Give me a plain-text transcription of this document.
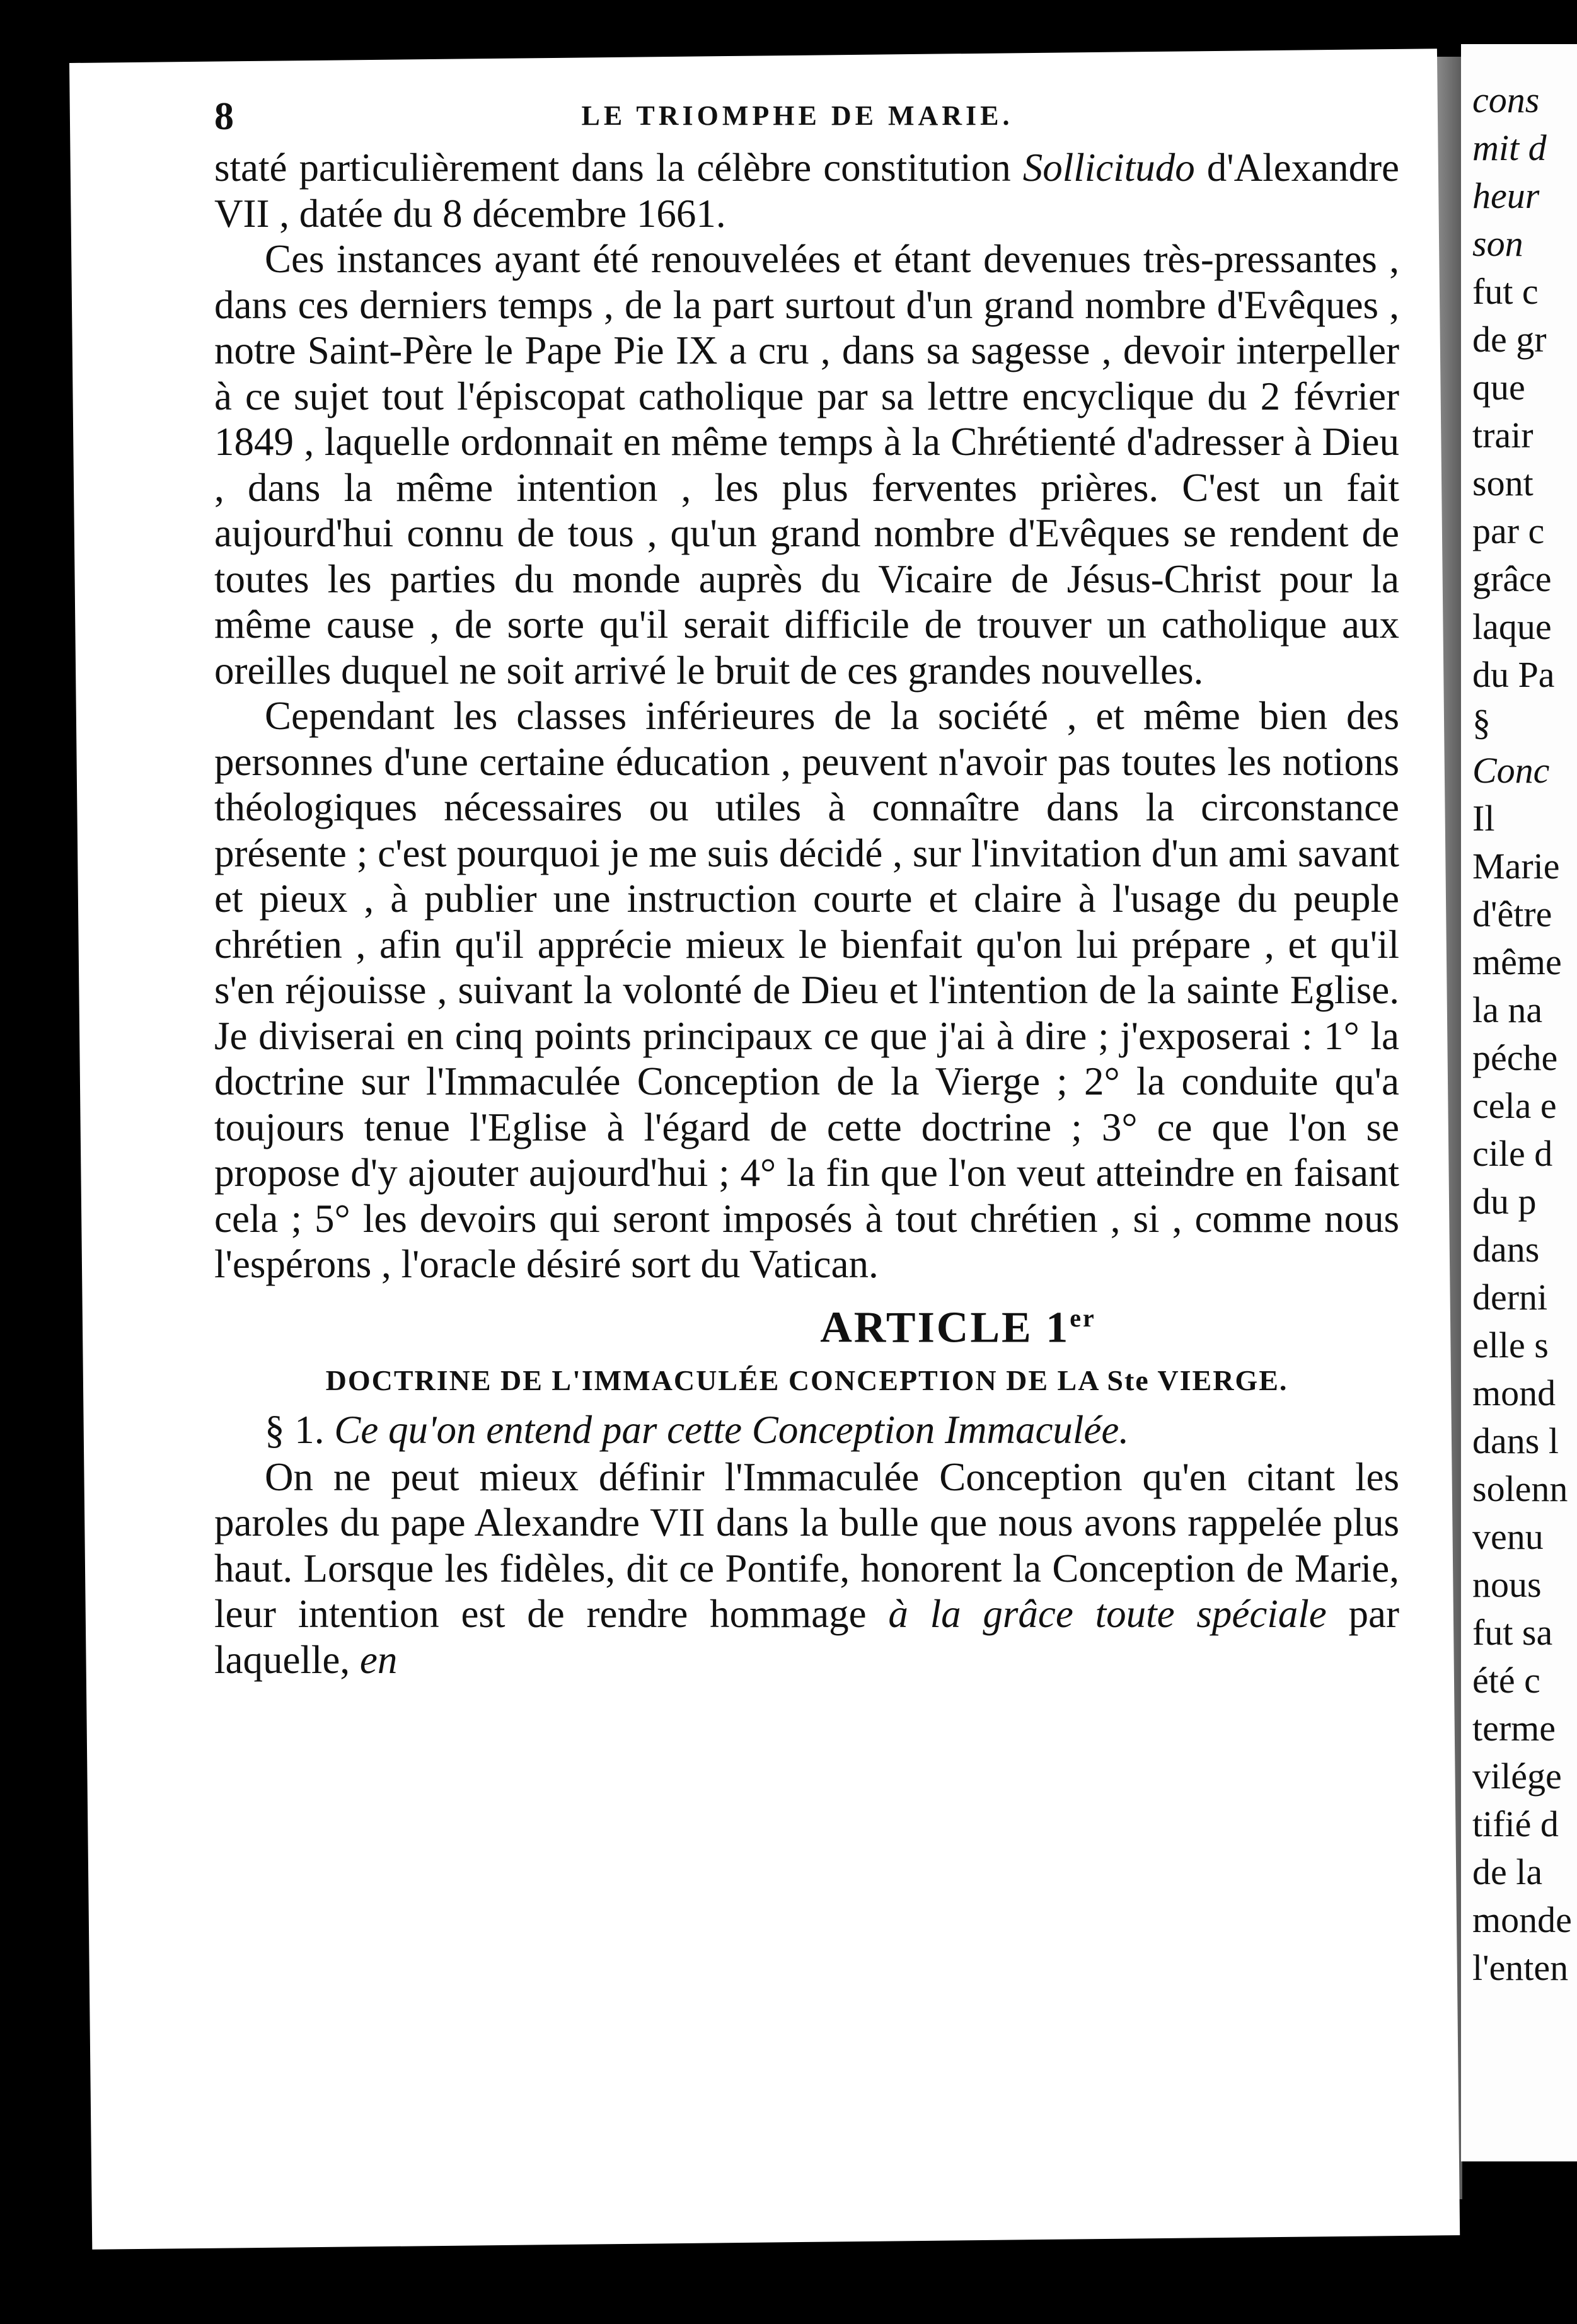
cons
mit d
heur
son
fut c
de gr
que
trair
sont
par c
grâce
laque
du Pa
§
Conc
Il
Marie
d'être
même
la na
péche
cela e
cile d
du p
dans
derni
elle s
mond
dans l
solenn
venu
nous
fut sa
été c
terme
vilége
tifié d
de la
monde
l'enten
8	LE TRIOMPHE DE MARIE.

staté particulièrement dans la célèbre constitution Sollicitudo d'Alexandre VII , datée du 8 décembre 1661.

Ces instances ayant été renouvelées et étant devenues très-pressantes , dans ces derniers temps , de la part surtout d'un grand nombre d'Evêques , notre Saint-Père le Pape Pie IX a cru , dans sa sagesse , devoir interpeller à ce sujet tout l'épiscopat catholique par sa lettre encyclique du 2 février 1849 , laquelle ordonnait en même temps à la Chrétienté d'adresser à Dieu , dans la même intention , les plus ferventes prières. C'est un fait aujourd'hui connu de tous , qu'un grand nombre d'Evêques se rendent de toutes les parties du monde auprès du Vicaire de Jésus-Christ pour la même cause , de sorte qu'il serait difficile de trouver un catholique aux oreilles duquel ne soit arrivé le bruit de ces grandes nouvelles.

Cependant les classes inférieures de la société , et même bien des personnes d'une certaine éducation , peuvent n'avoir pas toutes les notions théologiques nécessaires ou utiles à connaître dans la circonstance présente ; c'est pourquoi je me suis décidé , sur l'invitation d'un ami savant et pieux , à publier une instruction courte et claire à l'usage du peuple chrétien , afin qu'il apprécie mieux le bienfait qu'on lui prépare , et qu'il s'en réjouisse , suivant la volonté de Dieu et l'intention de la sainte Eglise. Je diviserai en cinq points principaux ce que j'ai à dire ; j'exposerai : 1° la doctrine sur l'Immaculée Conception de la Vierge ; 2° la conduite qu'a toujours tenue l'Eglise à l'égard de cette doctrine ; 3° ce que l'on se propose d'y ajouter aujourd'hui ; 4° la fin que l'on veut atteindre en faisant cela ; 5° les devoirs qui seront imposés à tout chrétien , si , comme nous l'espérons , l'oracle désiré sort du Vatican.

ARTICLE 1er
DOCTRINE DE L'IMMACULÉE CONCEPTION DE LA Ste VIERGE.

§ 1. Ce qu'on entend par cette Conception Immaculée.

On ne peut mieux définir l'Immaculée Conception qu'en citant les paroles du pape Alexandre VII dans la bulle que nous avons rappelée plus haut. Lorsque les fidèles, dit ce Pontife, honorent la Conception de Marie, leur intention est de rendre hommage à la grâce toute spéciale par laquelle, en
